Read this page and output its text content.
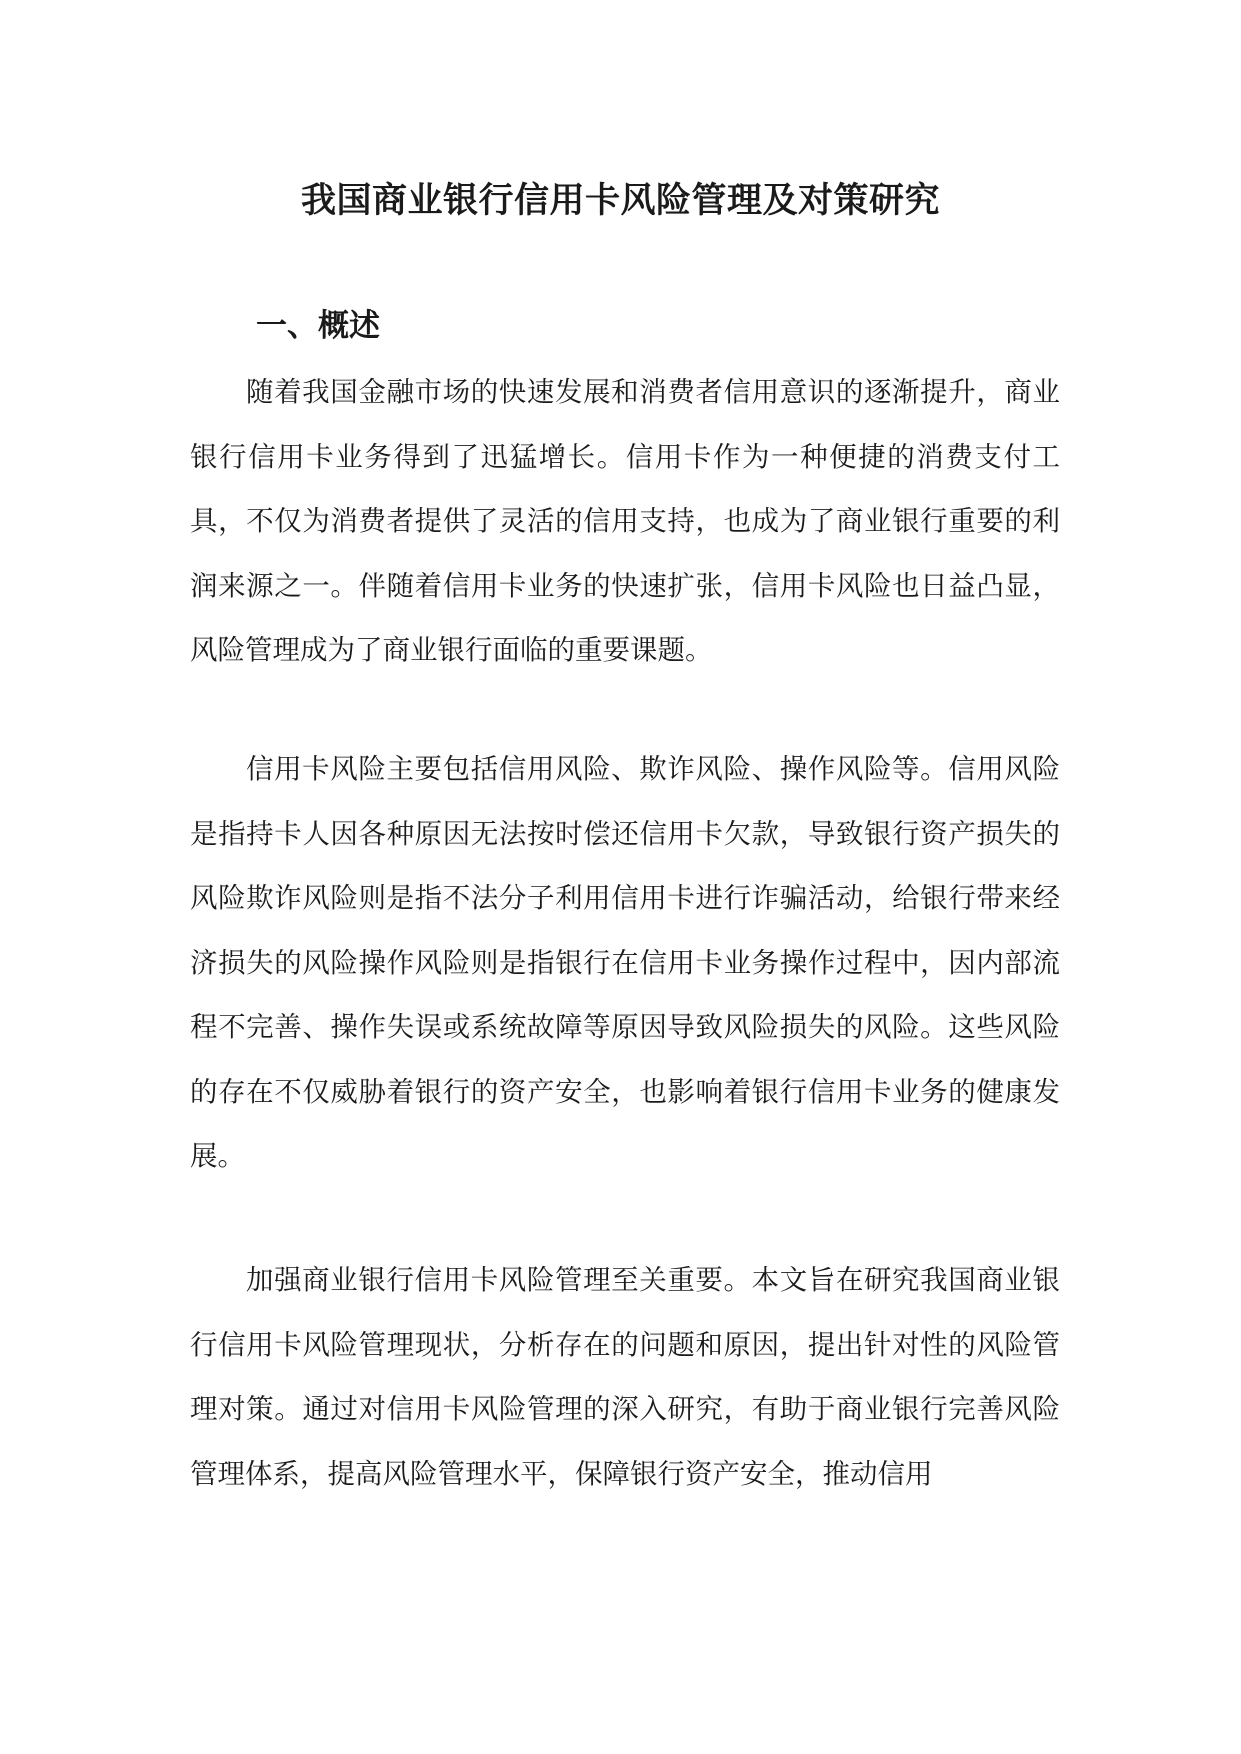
我国商业银行信用卡风险管理及对策研究
一、概述

随着我国金融市场的快速发展和消费者信用意识的逐渐提升，商业银行信用卡业务得到了迅猛增长。信用卡作为一种便捷的消费支付工具，不仅为消费者提供了灵活的信用支持，也成为了商业银行重要的利润来源之一。伴随着信用卡业务的快速扩张，信用卡风险也日益凸显，风险管理成为了商业银行面临的重要课题。

信用卡风险主要包括信用风险、欺诈风险、操作风险等。信用风险是指持卡人因各种原因无法按时偿还信用卡欠款，导致银行资产损失的风险欺诈风险则是指不法分子利用信用卡进行诈骗活动，给银行带来经济损失的风险操作风险则是指银行在信用卡业务操作过程中，因内部流程不完善、操作失误或系统故障等原因导致风险损失的风险。这些风险的存在不仅威胁着银行的资产安全，也影响着银行信用卡业务的健康发展。

加强商业银行信用卡风险管理至关重要。本文旨在研究我国商业银行信用卡风险管理现状，分析存在的问题和原因，提出针对性的风险管理对策。通过对信用卡风险管理的深入研究，有助于商业银行完善风险管理体系，提高风险管理水平，保障银行资产安全，推动信用
